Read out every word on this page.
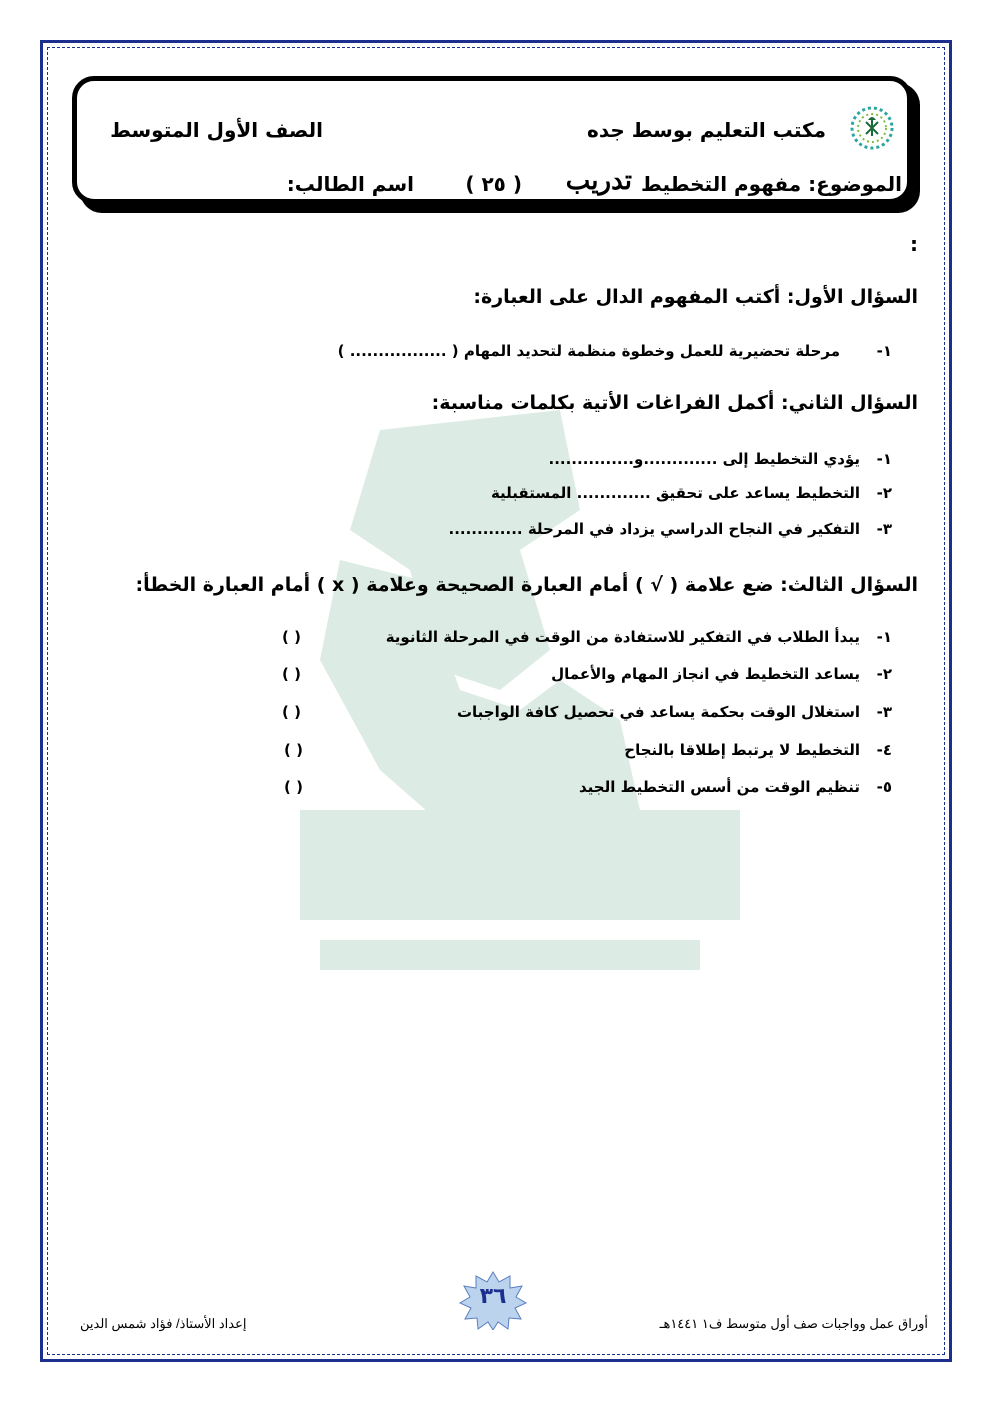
مكتب التعليم بوسط جده
الصف الأول المتوسط
الموضوع: مفهوم التخطيط
تدريب
( ٢٥ )
اسم الطالب:
:
السؤال الأول: أكتب المفهوم الدال على العبارة:
١-
مرحلة تحضيرية للعمل وخطوة منظمة لتحديد المهام ( ................. )
السؤال الثاني: أكمل الفراغات الأتية بكلمات مناسبة:
١-
يؤدي التخطيط إلى .............و...............
٢-
التخطيط يساعد على تحقيق ............. المستقبلية
٣-
التفكير في النجاح الدراسي يزداد في المرحلة .............
السؤال الثالث: ضع علامة ( √ ) أمام العبارة الصحيحة وعلامة ( x ) أمام العبارة الخطأ:
١-
يبدأ الطلاب في التفكير للاستفادة من الوقت في المرحلة الثانوية
( )
٢-
يساعد التخطيط في انجاز المهام والأعمال
( )
٣-
استغلال الوقت بحكمة يساعد في تحصيل كافة الواجبات
( )
٤-
التخطيط لا يرتبط إطلاقا بالنجاح
( )
٥-
تنظيم الوقت من أسس التخطيط الجيد
( )
٣٦
إعداد الأستاذ/ فؤاد شمس الدين	أوراق عمل وواجبات صف أول متوسط ف١ ١٤٤١هـ
